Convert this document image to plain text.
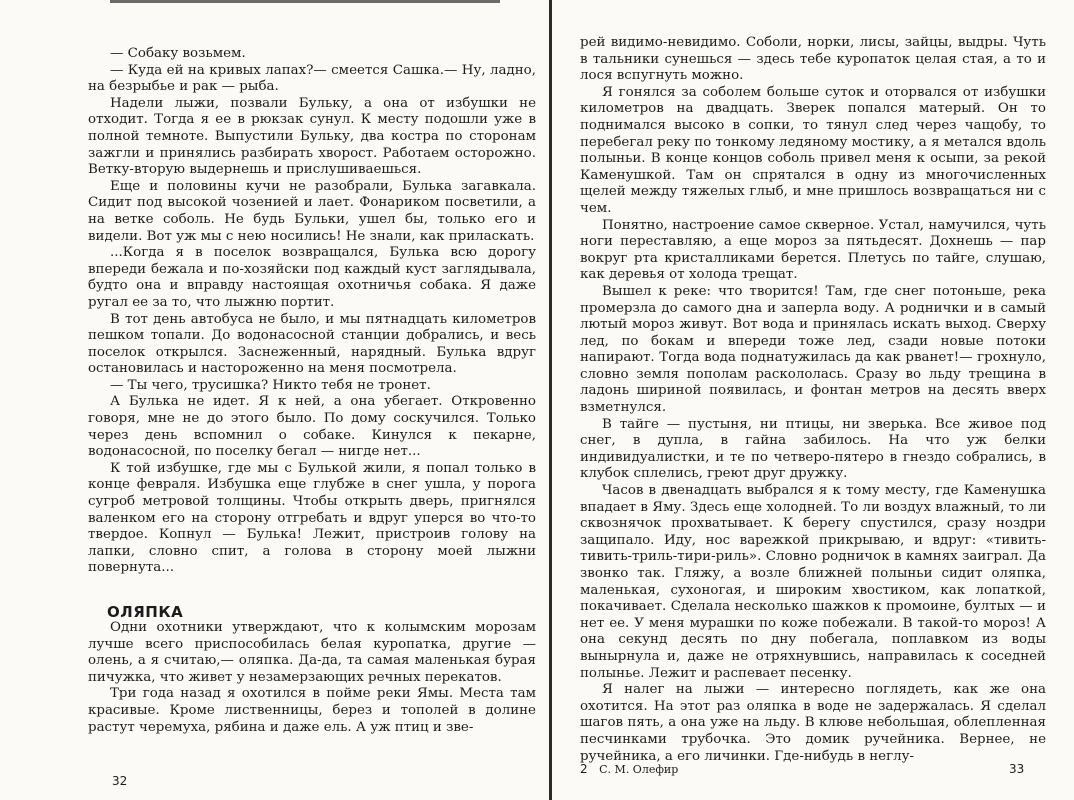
— Собаку возьмем.

— Куда ей на кривых лапах?— смеется Сашка.— Ну, ладно, на безрыбье и рак — рыба.

Надели лыжи, позвали Бульку, а она от избушки не отходит. Тогда я ее в рюкзак сунул. К месту подошли уже в полной темноте. Выпустили Бульку, два костра по сторонам зажгли и принялись разбирать хворост. Работаем осторожно. Ветку-вторую выдернешь и прислушиваешься.

Еще и половины кучи не разобрали, Булька загавкала. Сидит под высокой чозенией и лает. Фонариком посветили, а на ветке соболь. Не будь Бульки, ушел бы, только его и видели. Вот уж мы с нею носились! Не знали, как приласкать.

...Когда я в поселок возвращался, Булька всю дорогу впереди бежала и по-хозяйски под каждый куст заглядывала, будто она и вправду настоящая охотничья собака. Я даже ругал ее за то, что лыжню портит.

В тот день автобуса не было, и мы пятнадцать километров пешком топали. До водонасосной станции добрались, и весь поселок открылся. Заснеженный, нарядный. Булька вдруг остановилась и настороженно на меня посмотрела.

— Ты чего, трусишка? Никто тебя не тронет.

А Булька не идет. Я к ней, а она убегает. Откровенно говоря, мне не до этого было. По дому соскучился. Только через день вспомнил о собаке. Кинулся к пекарне, водонасосной, по поселку бегал — нигде нет...

К той избушке, где мы с Булькой жили, я попал только в конце февраля. Избушка еще глубже в снег ушла, у порога сугроб метровой толщины. Чтобы открыть дверь, пригнялся валенком его на сторону отгребать и вдруг уперся во что-то твердое. Копнул — Булька! Лежит, пристроив голову на лапки, словно спит, а голова в сторону моей лыжни повернута...

ОЛЯПКА

Одни охотники утверждают, что к колымским морозам лучше всего приспособилась белая куропатка, другие — олень, а я считаю,— оляпка. Да-да, та самая маленькая бурая пичужка, что живет у незамерзающих речных перекатов.

Три года назад я охотился в пойме реки Ямы. Места там красивые. Кроме лиственницы, берез и тополей в долине растут черемуха, рябина и даже ель. А уж птиц и зве-

32

рей видимо-невидимо. Соболи, норки, лисы, зайцы, выдры. Чуть в тальники сунешься — здесь тебе куропаток целая стая, а то и лося вспугнуть можно.

Я гонялся за соболем больше суток и оторвался от избушки километров на двадцать. Зверек попался матерый. Он то поднимался высоко в сопки, то тянул след через чащобу, то перебегал реку по тонкому ледяному мостику, а я метался вдоль полыньи. В конце концов соболь привел меня к осыпи, за рекой Каменушкой. Там он спрятался в одну из многочисленных щелей между тяжелых глыб, и мне пришлось возвращаться ни с чем.

Понятно, настроение самое скверное. Устал, намучился, чуть ноги переставляю, а еще мороз за пятьдесят. Дохнешь — пар вокруг рта кристалликами берется. Плетусь по тайге, слушаю, как деревья от холода трещат.

Вышел к реке: что творится! Там, где снег потоньше, река промерзла до самого дна и заперла воду. А роднички и в самый лютый мороз живут. Вот вода и принялась искать выход. Сверху лед, по бокам и впереди тоже лед, сзади новые потоки напирают. Тогда вода поднатужилась да как рванет!— грохнуло, словно земля пополам раскололась. Сразу во льду трещина в ладонь шириной появилась, и фонтан метров на десять вверх взметнулся.

В тайге — пустыня, ни птицы, ни зверька. Все живое под снег, в дупла, в гайна забилось. На что уж белки индивидуалистки, и те по четверо-пятеро в гнездо собрались, в клубок сплелись, греют друг дружку.

Часов в двенадцать выбрался я к тому месту, где Каменушка впадает в Яму. Здесь еще холодней. То ли воздух влажный, то ли сквознячок прохватывает. К берегу спустился, сразу ноздри защипало. Иду, нос варежкой прикрываю, и вдруг: «тивить-тивить-триль-тири-риль». Словно родничок в камнях заиграл. Да звонко так. Гляжу, а возле ближней полыньи сидит оляпка, маленькая, сухоногая, и широким хвостиком, как лопаткой, покачивает. Сделала несколько шажков к промоине, бултых — и нет ее. У меня мурашки по коже побежали. В такой-то мороз! А она секунд десять по дну побегала, поплавком из воды вынырнула и, даже не отряхнувшись, направилась к соседней полынье. Лежит и распевает песенку.

Я налег на лыжи — интересно поглядеть, как же она охотится. На этот раз оляпка в воде не задержалась. Я сделал шагов пять, а она уже на льду. В клюве небольшая, облепленная песчинками трубочка. Это домик ручейника. Вернее, не ручейника, а его личинки. Где-нибудь в неглу-

2 С. М. Олефир	33
